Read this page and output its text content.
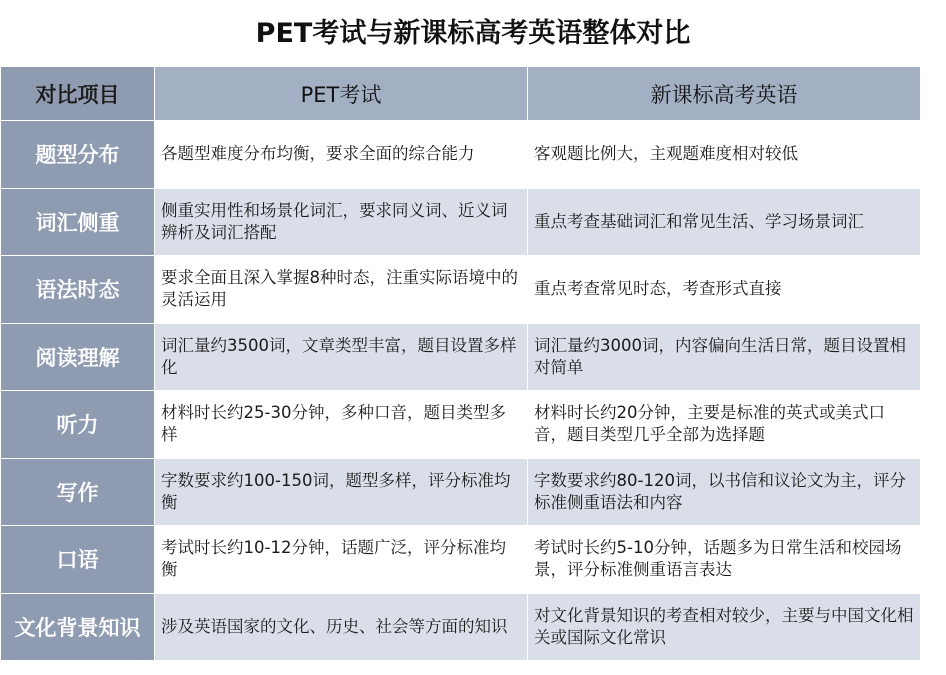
PET考试与新课标高考英语整体对比
对比项目	PET考试	新课标高考英语
题型分布	各题型难度分布均衡，要求全面的综合能力	客观题比例大，主观题难度相对较低
词汇侧重	侧重实用性和场景化词汇，要求同义词、近义词辨析及词汇搭配	重点考查基础词汇和常见生活、学习场景词汇
语法时态	要求全面且深入掌握8种时态，注重实际语境中的灵活运用	重点考查常见时态，考查形式直接
阅读理解	词汇量约3500词，文章类型丰富，题目设置多样化	词汇量约3000词，内容偏向生活日常，题目设置相对简单
听力	材料时长约25-30分钟，多种口音，题目类型多样	材料时长约20分钟，主要是标准的英式或美式口音，题目类型几乎全部为选择题
写作	字数要求约100-150词，题型多样，评分标准均衡	字数要求约80-120词，以书信和议论文为主，评分标准侧重语法和内容
口语	考试时长约10-12分钟，话题广泛，评分标准均衡	考试时长约5-10分钟，话题多为日常生活和校园场景，评分标准侧重语言表达
文化背景知识	涉及英语国家的文化、历史、社会等方面的知识	对文化背景知识的考查相对较少，主要与中国文化相关或国际文化常识
